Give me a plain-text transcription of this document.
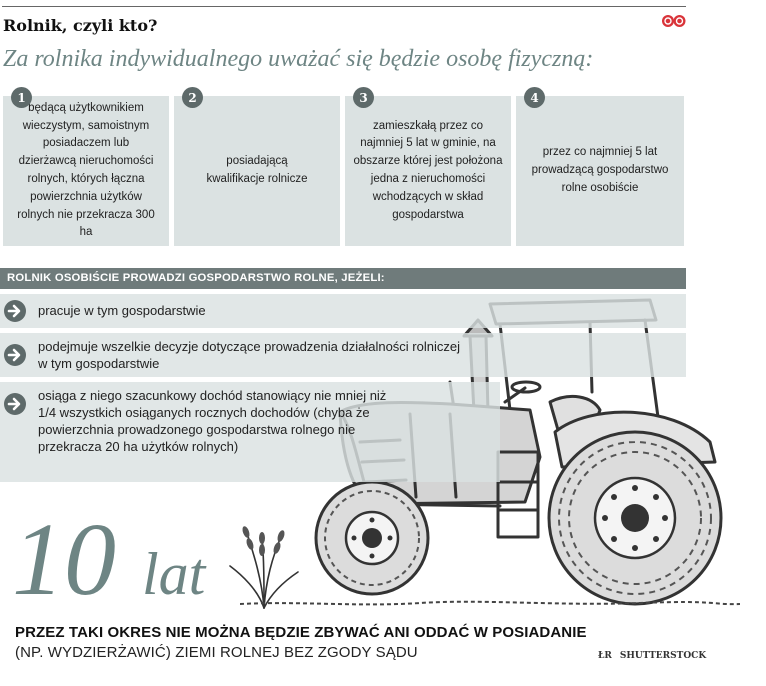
Rolnik, czyli kto?
Za rolnika indywidualnego uważać się będzie osobę fizyczną:
będącą użytkownikiem wieczystym, samoistnym posiadaczem lub dzierżawcą nieruchomości rolnych, których łączna powierzchnia użytków rolnych nie przekracza 300 ha
1
posiadającą kwalifikacje rolnicze
2
zamieszkałą przez co najmniej 5 lat w gminie, na obszarze której jest położona jedna z nieruchomości wchodzących w skład gospodarstwa
3
przez co najmniej 5 lat prowadzącą gospodarstwo rolne osobiście
4
ROLNIK OSOBIŚCIE PROWADZI GOSPODARSTWO ROLNE, JEŻELI:
pracuje w tym gospodarstwie
podejmuje wszelkie decyzje dotyczące prowadzenia działalności rolniczej w tym gospodarstwie
osiąga z niego szacunkowy dochód stanowiący nie mniej niż 1/4 wszystkich osiąganych rocznych dochodów (chyba że powierzchnia prowadzonego gospodarstwa rolnego nie przekracza 20 ha użytków rolnych)
10 lat
PRZEZ TAKI OKRES NIE MOŻNA BĘDZIE ZBYWAĆ ANI ODDAĆ W POSIADANIE
(NP. WYDZIERŻAWIĆ) ZIEMI ROLNEJ BEZ ZGODY SĄDU	ŁR SHUTTERSTOCK
